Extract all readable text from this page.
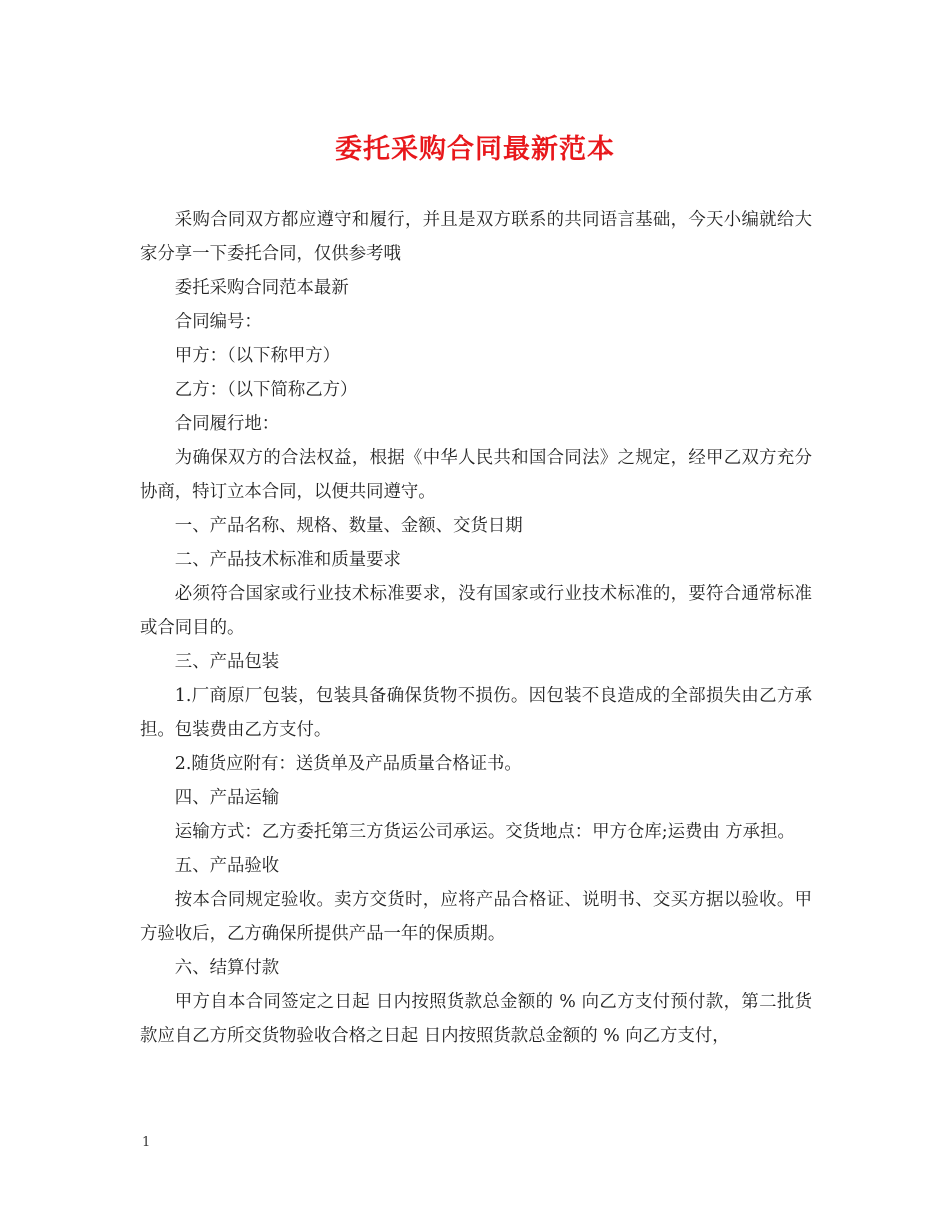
委托采购合同最新范本

采购合同双方都应遵守和履行，并且是双方联系的共同语言基础，今天小编就给大家分享一下委托合同，仅供参考哦

委托采购合同范本最新

合同编号：

甲方：（以下称甲方）

乙方：（以下简称乙方）

合同履行地：

为确保双方的合法权益，根据《中华人民共和国合同法》之规定，经甲乙双方充分协商，特订立本合同，以便共同遵守。

一、产品名称、规格、数量、金额、交货日期

二、产品技术标准和质量要求

必须符合国家或行业技术标准要求，没有国家或行业技术标准的，要符合通常标准或合同目的。

三、产品包装

1.厂商原厂包装，包装具备确保货物不损伤。因包装不良造成的全部损失由乙方承担。包装费由乙方支付。

2.随货应附有：送货单及产品质量合格证书。

四、产品运输

运输方式：乙方委托第三方货运公司承运。交货地点：甲方仓库;运费由 方承担。

五、产品验收

按本合同规定验收。卖方交货时，应将产品合格证、说明书、交买方据以验收。甲方验收后，乙方确保所提供产品一年的保质期。

六、结算付款

甲方自本合同签定之日起 日内按照货款总金额的 % 向乙方支付预付款，第二批货款应自乙方所交货物验收合格之日起 日内按照货款总金额的 % 向乙方支付，

1
